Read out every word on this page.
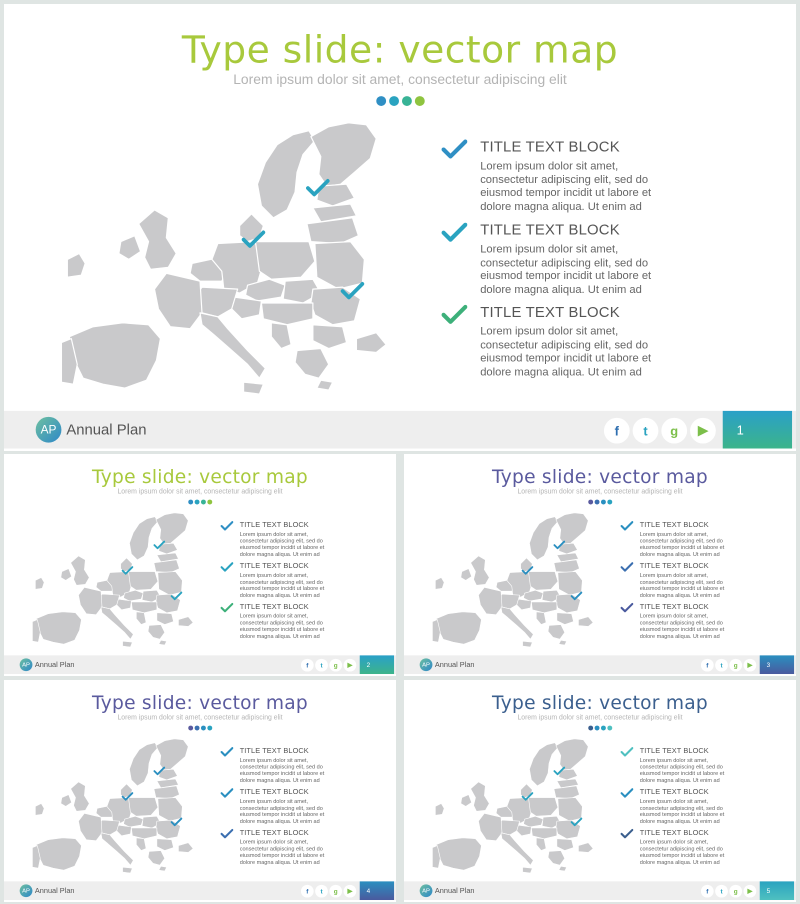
Type slide: vector map
Lorem ipsum dolor sit amet, consectetur adipiscing elit
TITLE TEXT BLOCK
Lorem ipsum dolor sit amet, consectetur adipiscing elit, sed do eiusmod tempor incidit ut labore et dolore magna aliqua. Ut enim ad
TITLE TEXT BLOCK
Lorem ipsum dolor sit amet, consectetur adipiscing elit, sed do eiusmod tempor incidit ut labore et dolore magna aliqua. Ut enim ad
TITLE TEXT BLOCK
Lorem ipsum dolor sit amet, consectetur adipiscing elit, sed do eiusmod tempor incidit ut labore et dolore magna aliqua. Ut enim ad
AP Annual Plan	f	t	g	▶	1
Type slide: vector map
Lorem ipsum dolor sit amet, consectetur adipiscing elit
TITLE TEXT BLOCK
Lorem ipsum dolor sit amet, consectetur adipiscing elit, sed do eiusmod tempor incidit ut labore et dolore magna aliqua. Ut enim ad
TITLE TEXT BLOCK
Lorem ipsum dolor sit amet, consectetur adipiscing elit, sed do eiusmod tempor incidit ut labore et dolore magna aliqua. Ut enim ad
TITLE TEXT BLOCK
Lorem ipsum dolor sit amet, consectetur adipiscing elit, sed do eiusmod tempor incidit ut labore et dolore magna aliqua. Ut enim ad
AP Annual Plan	f t g ▶	2
Type slide: vector map
Lorem ipsum dolor sit amet, consectetur adipiscing elit
TITLE TEXT BLOCK
Lorem ipsum dolor sit amet, consectetur adipiscing elit, sed do eiusmod tempor incidit ut labore et dolore magna aliqua. Ut enim ad
TITLE TEXT BLOCK
Lorem ipsum dolor sit amet, consectetur adipiscing elit, sed do eiusmod tempor incidit ut labore et dolore magna aliqua. Ut enim ad
TITLE TEXT BLOCK
Lorem ipsum dolor sit amet, consectetur adipiscing elit, sed do eiusmod tempor incidit ut labore et dolore magna aliqua. Ut enim ad
AP Annual Plan	f t g ▶	3
Type slide: vector map
Lorem ipsum dolor sit amet, consectetur adipiscing elit
TITLE TEXT BLOCK
Lorem ipsum dolor sit amet, consectetur adipiscing elit, sed do eiusmod tempor incidit ut labore et dolore magna aliqua. Ut enim ad
TITLE TEXT BLOCK
Lorem ipsum dolor sit amet, consectetur adipiscing elit, sed do eiusmod tempor incidit ut labore et dolore magna aliqua. Ut enim ad
TITLE TEXT BLOCK
Lorem ipsum dolor sit amet, consectetur adipiscing elit, sed do eiusmod tempor incidit ut labore et dolore magna aliqua. Ut enim ad
AP Annual Plan	f t g ▶	4
Type slide: vector map
Lorem ipsum dolor sit amet, consectetur adipiscing elit
TITLE TEXT BLOCK
Lorem ipsum dolor sit amet, consectetur adipiscing elit, sed do eiusmod tempor incidit ut labore et dolore magna aliqua. Ut enim ad
TITLE TEXT BLOCK
Lorem ipsum dolor sit amet, consectetur adipiscing elit, sed do eiusmod tempor incidit ut labore et dolore magna aliqua. Ut enim ad
TITLE TEXT BLOCK
Lorem ipsum dolor sit amet, consectetur adipiscing elit, sed do eiusmod tempor incidit ut labore et dolore magna aliqua. Ut enim ad
AP Annual Plan	f t g ▶	5
